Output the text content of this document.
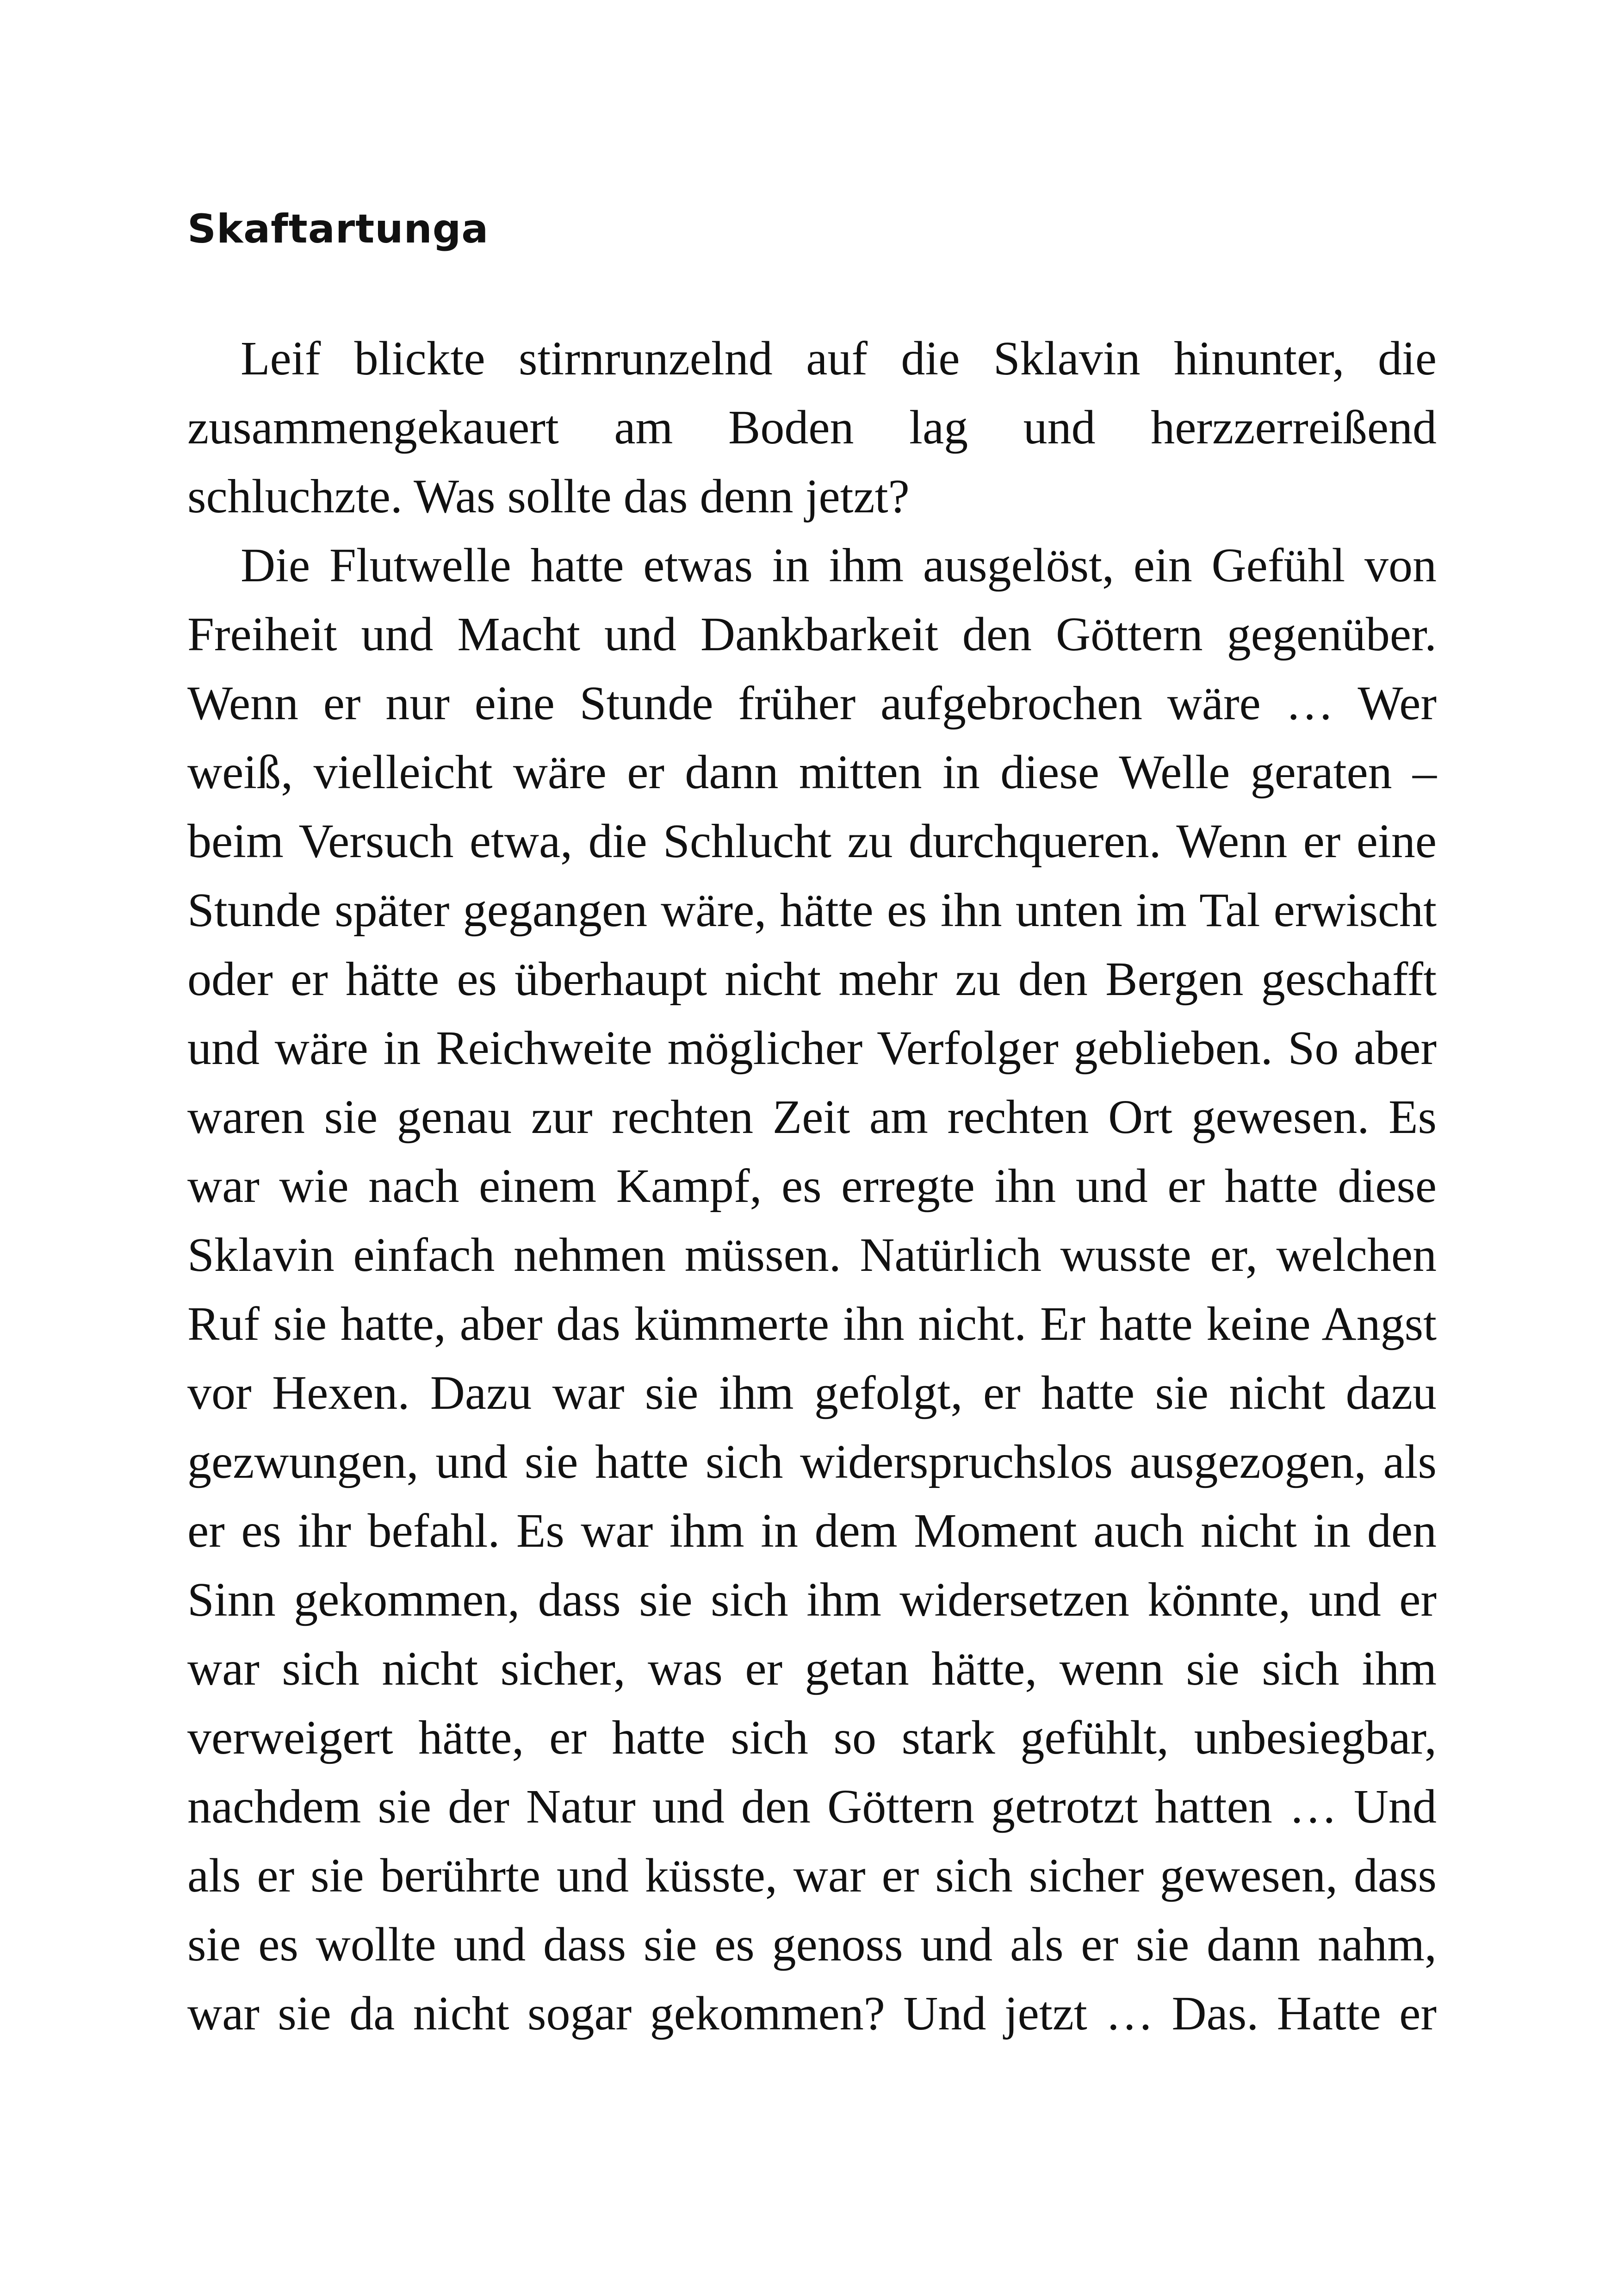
Skaftartunga

Leif blickte stirnrunzelnd auf die Sklavin hinunter, die zusammengekauert am Boden lag und herzzerreißend schluchzte. Was sollte das denn jetzt?

Die Flutwelle hatte etwas in ihm ausgelöst, ein Gefühl von Freiheit und Macht und Dankbarkeit den Göttern gegenüber. Wenn er nur eine Stunde früher aufgebrochen wäre … Wer weiß, vielleicht wäre er dann mitten in diese Welle geraten – beim Versuch etwa, die Schlucht zu durchqueren. Wenn er eine Stunde später gegangen wäre, hätte es ihn unten im Tal erwischt oder er hätte es überhaupt nicht mehr zu den Bergen geschafft und wäre in Reichweite möglicher Verfolger geblieben. So aber waren sie genau zur rechten Zeit am rechten Ort gewesen. Es war wie nach einem Kampf, es erregte ihn und er hatte diese Sklavin einfach nehmen müssen. Natürlich wusste er, welchen Ruf sie hatte, aber das kümmerte ihn nicht. Er hatte keine Angst vor Hexen. Dazu war sie ihm gefolgt, er hatte sie nicht dazu gezwungen, und sie hatte sich widerspruchslos ausgezogen, als er es ihr befahl. Es war ihm in dem Moment auch nicht in den Sinn gekommen, dass sie sich ihm widersetzen könnte, und er war sich nicht sicher, was er getan hätte, wenn sie sich ihm verweigert hätte, er hatte sich so stark gefühlt, unbesiegbar, nachdem sie der Natur und den Göttern getrotzt hatten … Und als er sie berührte und küsste, war er sich sicher gewesen, dass sie es wollte und dass sie es genoss und als er sie dann nahm, war sie da nicht sogar gekommen? Und jetzt … Das. Hatte er
